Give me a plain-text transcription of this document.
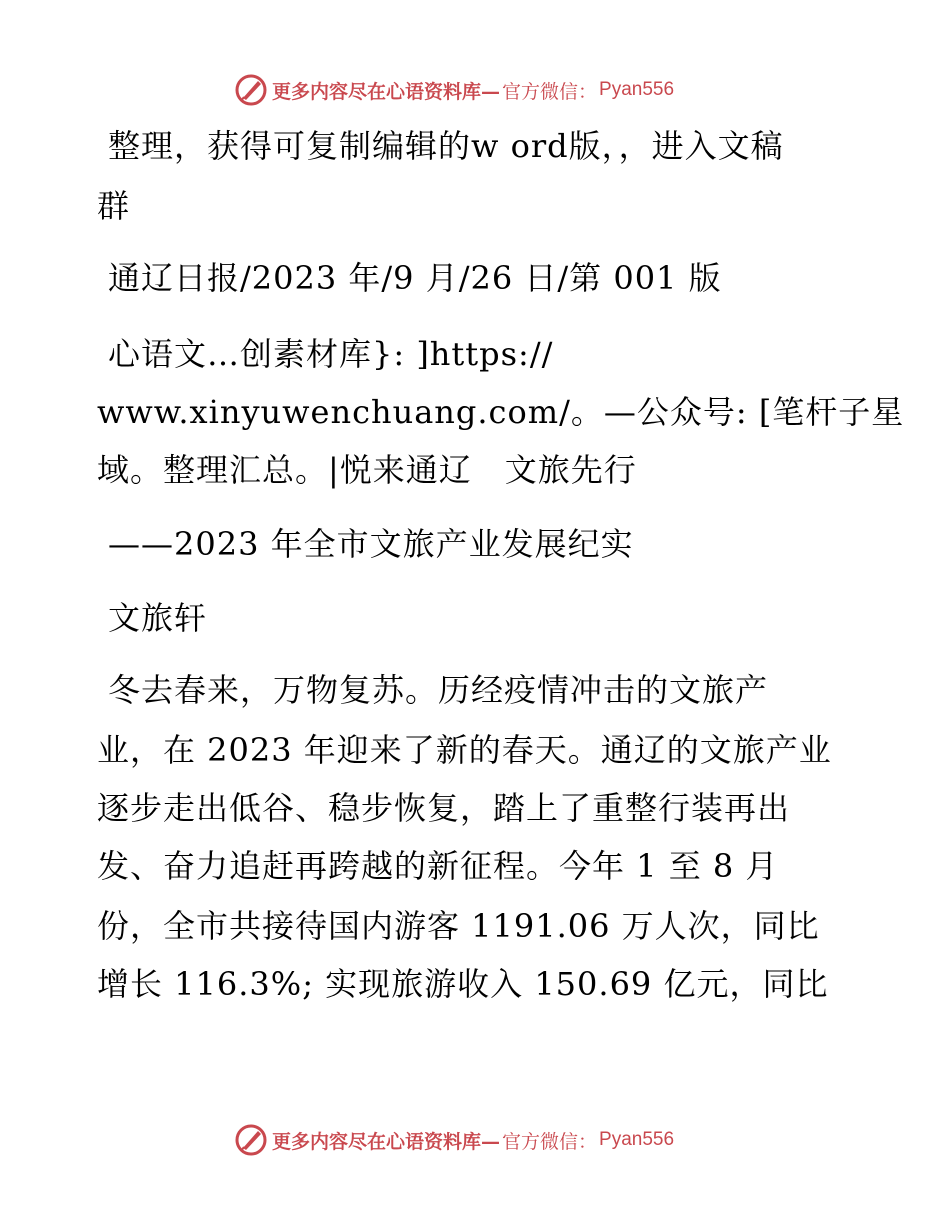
更多内容尽在心语资料库— 官方微信： Pyan556
整理，获得可复制编辑的w ord版，，进入文稿
群
通辽日报/2023 年/9 月/26 日/第 001 版
心语文…创素材库}: ]https://
www.xinyuwenchuang.com/。—公众号: [笔杆子星
域。整理汇总。|悦来通辽　文旅先行
——2023 年全市文旅产业发展纪实
文旅轩
冬去春来，万物复苏。历经疫情冲击的文旅产
业，在 2023 年迎来了新的春天。通辽的文旅产业
逐步走出低谷、稳步恢复，踏上了重整行装再出
发、奋力追赶再跨越的新征程。今年 1 至 8 月
份，全市共接待国内游客 1191.06 万人次，同比
增长 116.3%; 实现旅游收入 150.69 亿元，同比
更多内容尽在心语资料库— 官方微信： Pyan556
